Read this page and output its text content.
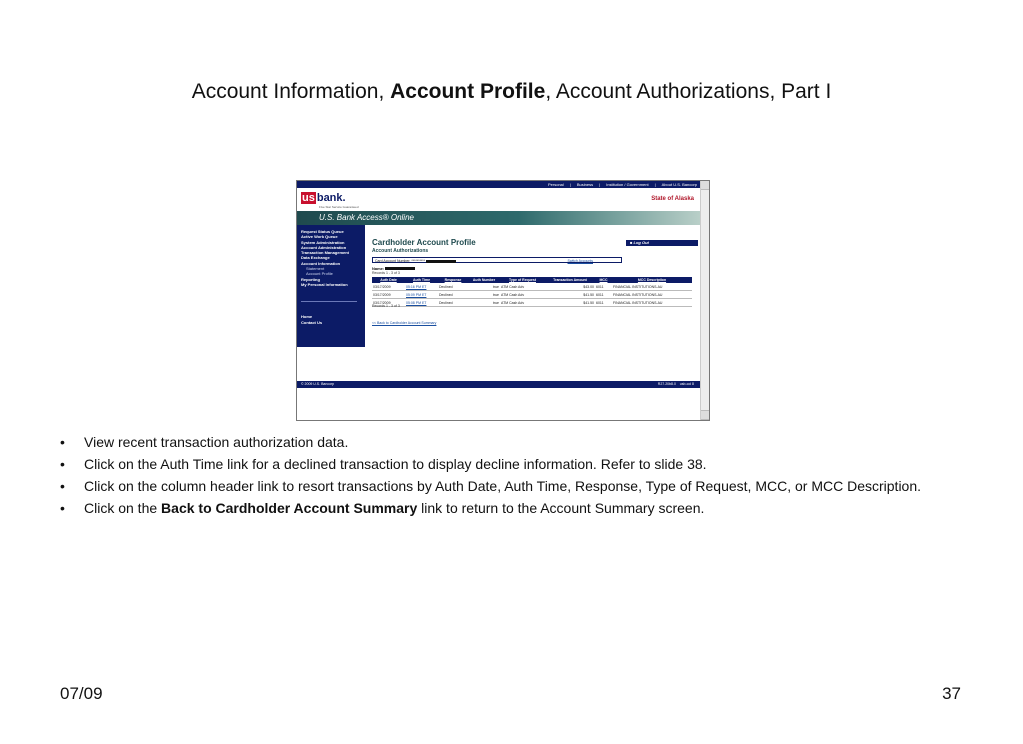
Account Information, Account Profile, Account Authorizations, Part I
Personal | Business | Institution / Government | About U.S. Bancorp
us bank.
Five Star Service Guaranteed
State of Alaska
U.S. Bank Access® Online
Request Status Queue
Active Work Queue
System Administration
Account Administration
Transaction Management
Data Exchange
Account Information
Statement
Account Profile
Reporting
My Personal Information
Home
Contact Us
Cardholder Account Profile
Account Authorizations
■ Log Out
Card Account Number: **********	Switch Accounts
Name:
Records 1 - 3 of 3
Auth Date	Auth Time	Response	Auth Number	Type of Request	Transaction Amount	MCC	MCC Description
03/17/2009	05:16 PM ET	Declined	true	ATM Cash Adv	$43.00	6011	FINANCIAL INSTITUTIONS-AU
03/17/2009	05:09 PM ET	Declined	true	ATM Cash Adv	$41.50	6011	FINANCIAL INSTITUTIONS-AU
03/17/2009	05:08 PM ET	Declined	true	ATM Cash Adv	$41.50	6011	FINANCIAL INSTITUTIONS-AU
Records 1 - 3 of 3
<< Back to Cardholder Account Summary
© 2009 U.S. Bancorp	R27.20b8.0 usb-col 8
• View recent transaction authorization data.
• Click on the Auth Time link for a declined transaction to display decline information. Refer to slide 38.
• Click on the column header link to resort transactions by Auth Date, Auth Time, Response, Type of Request, MCC, or MCC Description.
• Click on the Back to Cardholder Account Summary link to return to the Account Summary screen.
07/09	37
